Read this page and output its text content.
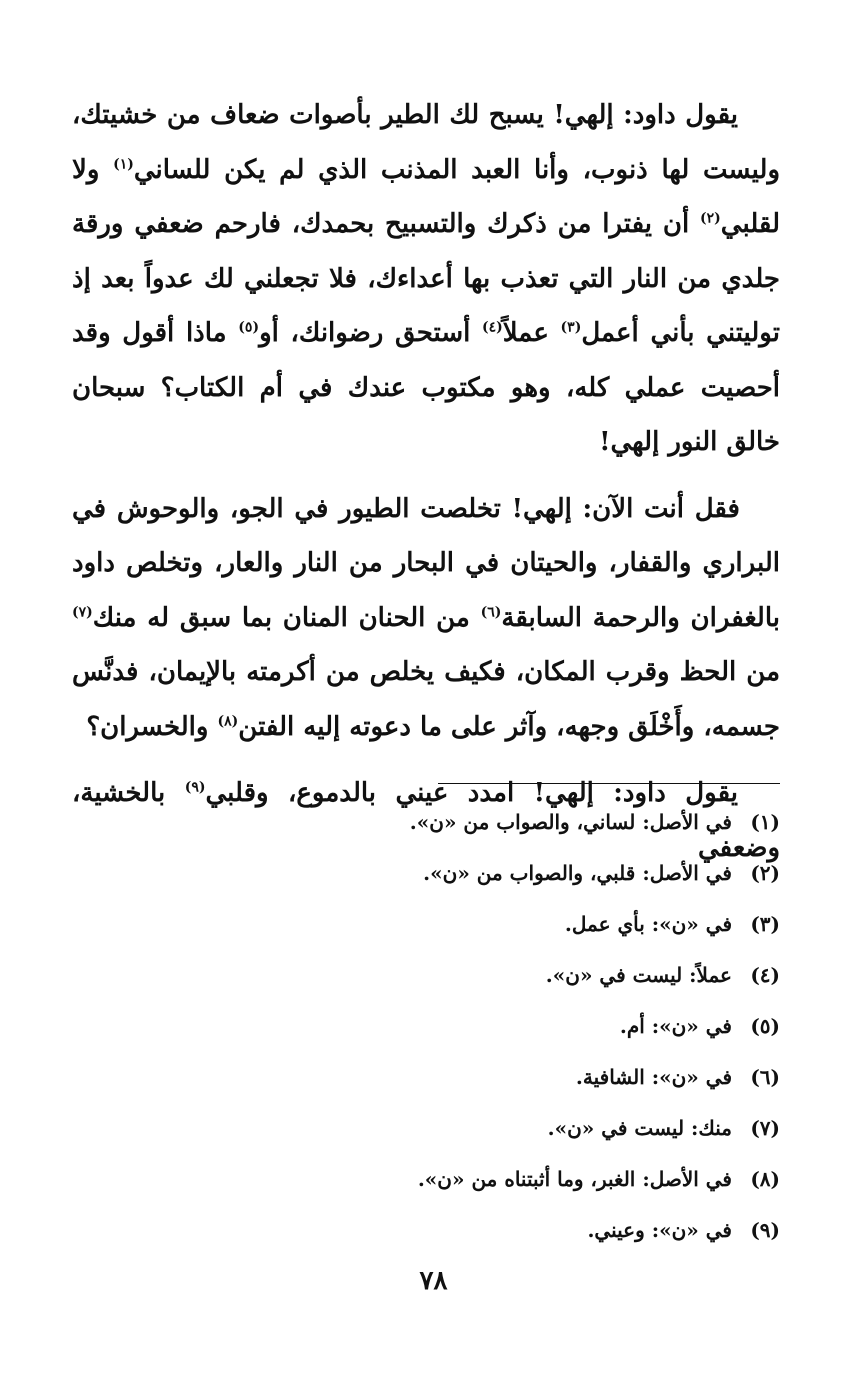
يقول داود: إلهي! يسبح لك الطير بأصوات ضعاف من خشيتك، وليست لها ذنوب، وأنا العبد المذنب الذي لم يكن للساني$^{(١)}$ ولا لقلبي$^{(٢)}$ أن يفترا من ذكرك والتسبيح بحمدك، فارحم ضعفي ورقة جلدي من النار التي تعذب بها أعداءك، فلا تجعلني لك عدواً بعد إذ توليتني بأني أعمل$^{(٣)}$ عملاً$^{(٤)}$ أستحق رضوانك، أو$^{(٥)}$ ماذا أقول وقد أحصيت عملي كله، وهو مكتوب عندك في أم الكتاب؟ سبحان خالق النور إلهي!

فقل أنت الآن: إلهي! تخلصت الطيور في الجو، والوحوش في البراري والقفار، والحيتان في البحار من النار والعار، وتخلص داود بالغفران والرحمة السابقة$^{(٦)}$ من الحنان المنان بما سبق له منك$^{(٧)}$ من الحظ وقرب المكان، فكيف يخلص من أكرمته بالإيمان، فدنَّس جسمه، وأَخْلَق وجهه، وآثر على ما دعوته إليه الفتن$^{(٨)}$ والخسران؟

يقول داود: إلهي! امدد عيني بالدموع، وقلبي$^{(٩)}$ بالخشية، وضعفي

(١)في الأصل: لساني، والصواب من «ن».
(٢)في الأصل: قلبي، والصواب من «ن».
(٣)في «ن»: بأي عمل.
(٤)عملاً: ليست في «ن».
(٥)في «ن»: أم.
(٦)في «ن»: الشافية.
(٧)منك: ليست في «ن».
(٨)في الأصل: الغبر، وما أثبتناه من «ن».
(٩)في «ن»: وعيني.
٧٨
